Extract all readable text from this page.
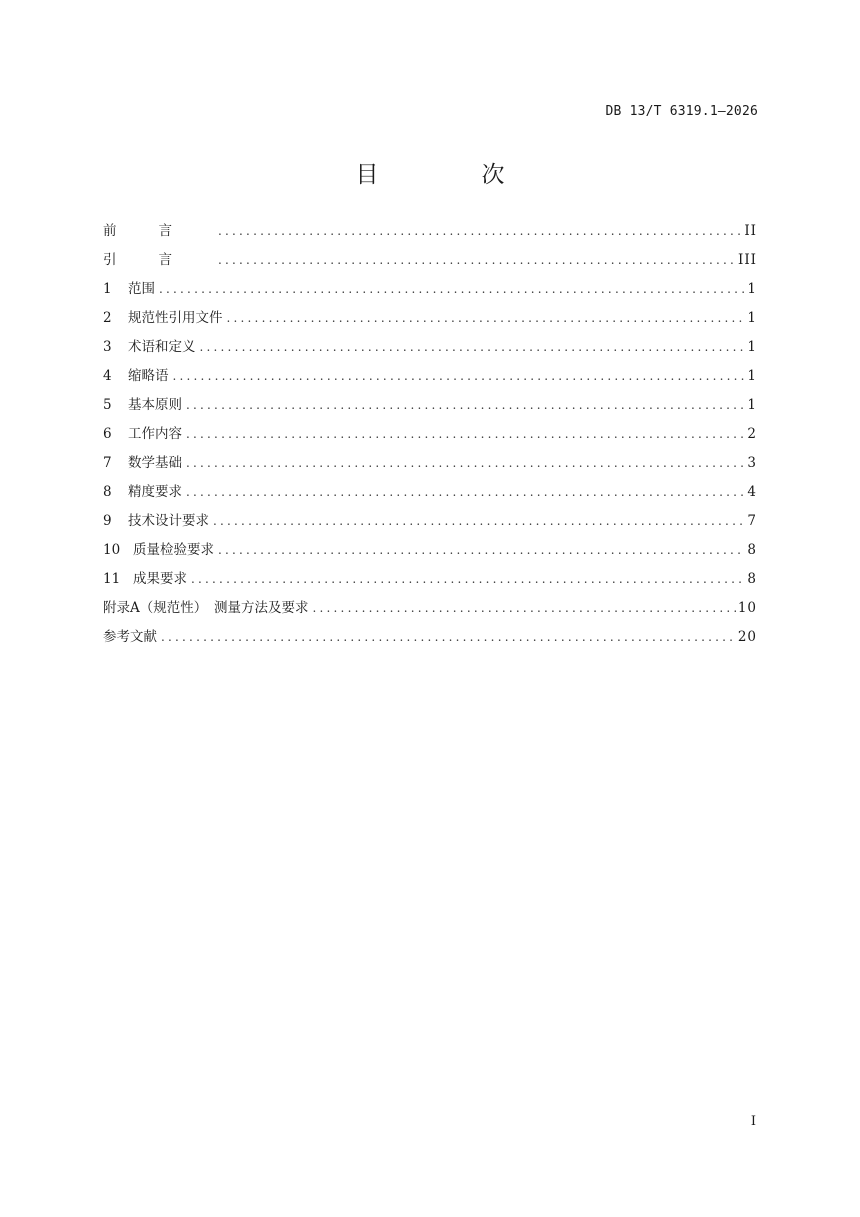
DB 13/T 6319.1—2026
目　次
前言 .....	II
引言 .....	III
1 范围 .....	1
2 规范性引用文件 .....	1
3 术语和定义 .....	1
4 缩略语 .....	1
5 基本原则 .....	1
6 工作内容 .....	2
7 数学基础 .....	3
8 精度要求 .....	4
9 技术设计要求 .....	7
10 质量检验要求 .....	8
11 成果要求 .....	8
附录A（规范性）　测量方法及要求 .....	10
参考文献 .....	20
I
